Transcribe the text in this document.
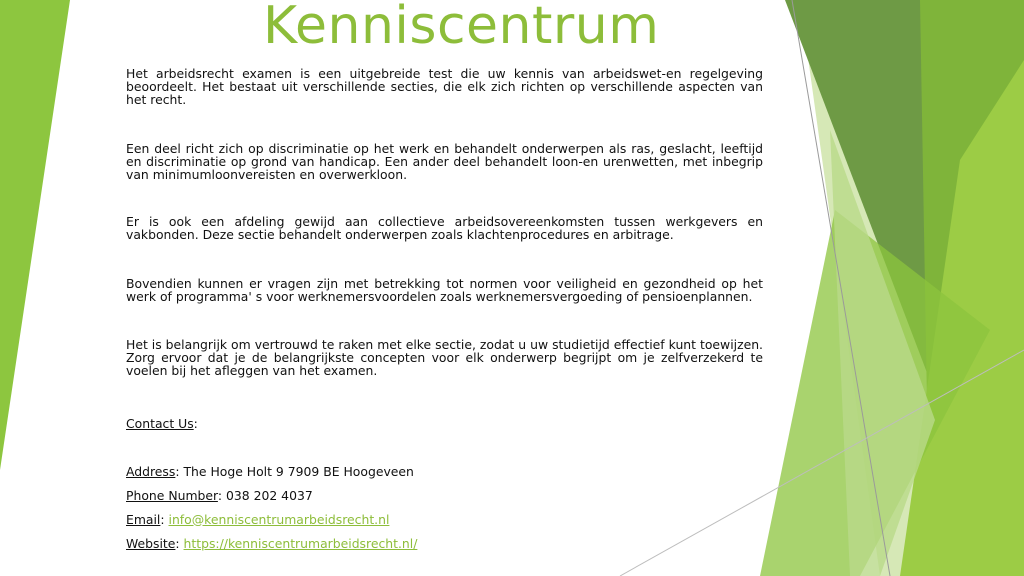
Kenniscentrum

Het arbeidsrecht examen is een uitgebreide test die uw kennis van arbeidswet-en regelgeving beoordeelt. Het bestaat uit verschillende secties, die elk zich richten op verschillende aspecten van het recht.

Een deel richt zich op discriminatie op het werk en behandelt onderwerpen als ras, geslacht, leeftijd en discriminatie op grond van handicap. Een ander deel behandelt loon-en urenwetten, met inbegrip van minimumloonvereisten en overwerkloon.

Er is ook een afdeling gewijd aan collectieve arbeidsovereenkomsten tussen werkgevers en vakbonden. Deze sectie behandelt onderwerpen zoals klachtenprocedures en arbitrage.

Bovendien kunnen er vragen zijn met betrekking tot normen voor veiligheid en gezondheid op het werk of programma' s voor werknemersvoordelen zoals werknemersvergoeding of pensioenplannen.

Het is belangrijk om vertrouwd te raken met elke sectie, zodat u uw studietijd effectief kunt toewijzen. Zorg ervoor dat je de belangrijkste concepten voor elk onderwerp begrijpt om je zelfverzekerd te voelen bij het afleggen van het examen.

Contact Us:

Address: The Hoge Holt 9 7909 BE Hoogeveen

Phone Number: 038 202 4037

Email: info@kenniscentrumarbeidsrecht.nl

Website: https://kenniscentrumarbeidsrecht.nl/
